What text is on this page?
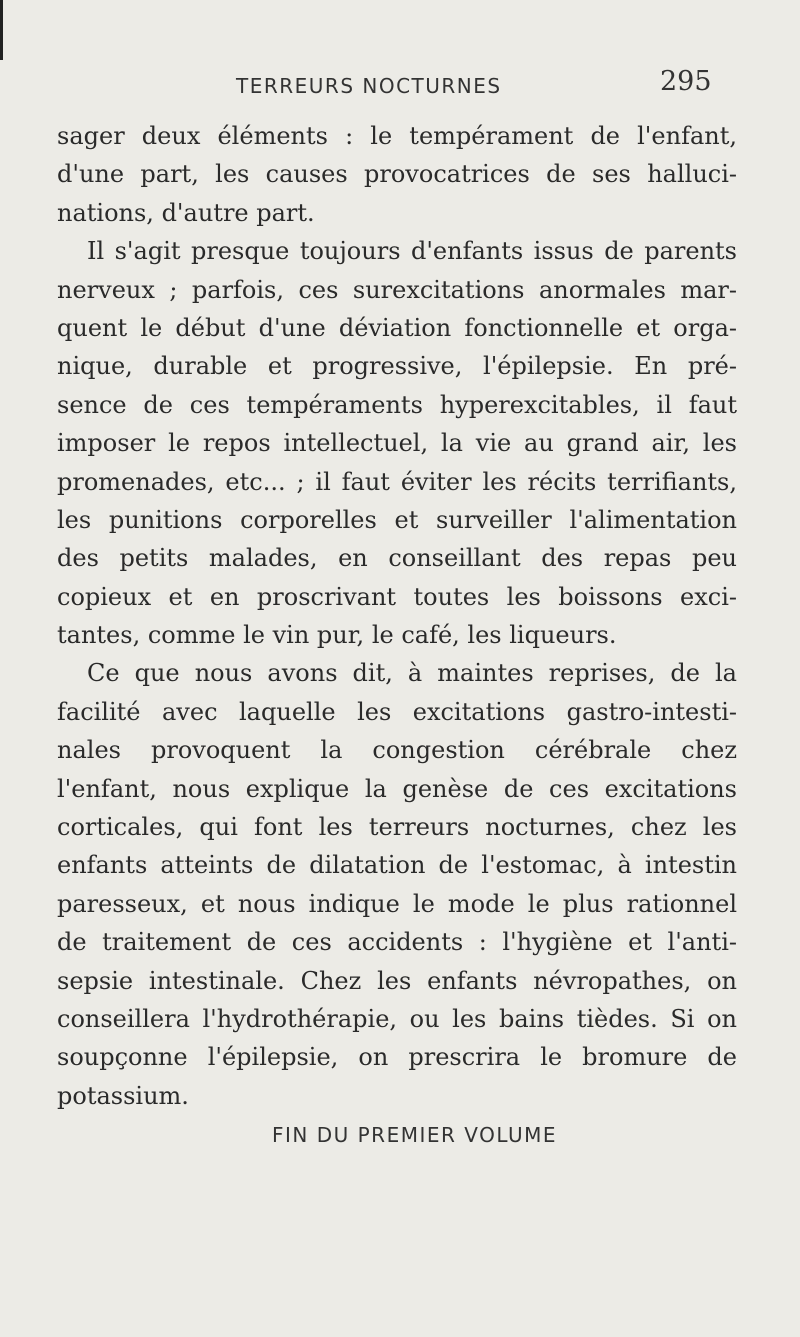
TERREURS NOCTURNES	295
sager deux éléments : le tempérament de l'enfant,
d'une part, les causes provocatrices de ses halluci-
nations, d'autre part.
Il s'agit presque toujours d'enfants issus de parents
nerveux ; parfois, ces surexcitations anormales mar-
quent le début d'une déviation fonctionnelle et orga-
nique, durable et progressive, l'épilepsie. En pré-
sence de ces tempéraments hyperexcitables, il faut
imposer le repos intellectuel, la vie au grand air, les
promenades, etc... ; il faut éviter les récits terrifiants,
les punitions corporelles et surveiller l'alimentation
des petits malades, en conseillant des repas peu
copieux et en proscrivant toutes les boissons exci-
tantes, comme le vin pur, le café, les liqueurs.
Ce que nous avons dit, à maintes reprises, de la
facilité avec laquelle les excitations gastro-intesti-
nales provoquent la congestion cérébrale chez
l'enfant, nous explique la genèse de ces excitations
corticales, qui font les terreurs nocturnes, chez les
enfants atteints de dilatation de l'estomac, à intestin
paresseux, et nous indique le mode le plus rationnel
de traitement de ces accidents : l'hygiène et l'anti-
sepsie intestinale. Chez les enfants névropathes, on
conseillera l'hydrothérapie, ou les bains tièdes. Si on
soupçonne l'épilepsie, on prescrira le bromure de
potassium.
FIN DU PREMIER VOLUME
